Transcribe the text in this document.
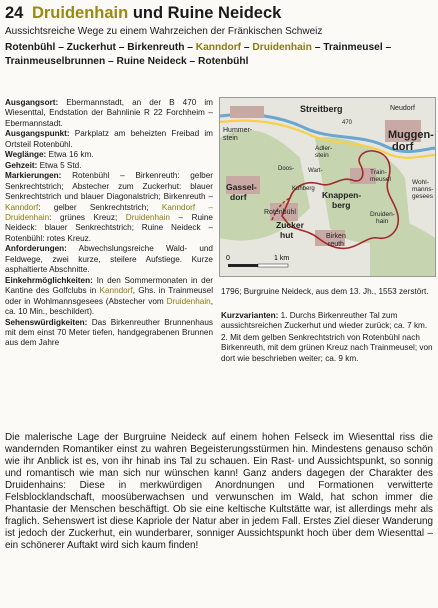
24 Druidenhain und Ruine Neideck
Aussichtsreiche Wege zu einem Wahrzeichen der Fränkischen Schweiz
Rotenbühl – Zuckerhut – Birkenreuth – Kanndorf – Druidenhain – Trainmeusel – Trainmeuselbrunnen – Ruine Neideck – Rotenbühl

Ausgangsort: Ebermannstadt, an der B 470 im Wiesenttal, Endstation der Bahnlinie R 22 Forchheim – Ebermannstadt.

Ausgangspunkt: Parkplatz am beheizten Freibad im Ortsteil Rotenbühl.

Weglänge: Etwa 16 km.

Gehzeit: Etwa 5 Std.

Markierungen: Rotenbühl – Birkenreuth: gelber Senkrechtstrich; Abstecher zum Zuckerhut: blauer Senkrechtstrich und blauer Diagonalstrich; Birkenreuth – Kanndorf: gelber Senkrechtstrich; Kanndorf – Druidenhain: grünes Kreuz; Druidenhain – Ruine Neideck: blauer Senkrechtstrich; Ruine Neideck – Rotenbühl: rotes Kreuz.

Anforderungen: Abwechslungsreiche Wald- und Feldwege, zwei kurze, steilere Aufstiege. Kurze asphaltierte Abschnitte.

Einkehrmöglichkeiten: In den Sommermonaten in der Kantine des Golfclubs in Kanndorf, Ghs. in Trainmeusel oder in Wohlmannsgesees (Abstecher vom Druidenhain, ca. 10 Min., beschildert).

Sehenswürdigkeiten: Das Birkenreuther Brunnenhaus mit dem einst 70 Meter tiefen, handgegrabenen Brunnen aus dem Jahre

Streitberg	Neudorf
Muggen-
dorf
Hummer-
stein
Adler-
stein
Train-
meusel	Wohl-
manns-
gesees
Wart-
Doos-
Gassel-
dorf	Knappen-
berg
Kuhberg
Rotenbühl
Zucker
hut	Birken
reuth
Druiden-
hain
470
0	1 km

1796; Burgruine Neideck, aus dem 13. Jh., 1553 zerstört.

Kurzvarianten: 1. Durchs Birkenreuther Tal zum aussichtsreichen Zuckerhut und wieder zurück; ca. 7 km.

2. Mit dem gelben Senkrechtstrich von Rotenbühl nach Birkenreuth, mit dem grünen Kreuz nach Trainmeusel; von dort wie beschrieben weiter; ca. 9 km.

Die malerische Lage der Burgruine Neideck auf einem hohen Felseck im Wiesenttal riss die wandernden Romantiker einst zu wahren Begeisterungsstürmen hin. Mindestens genauso schön wie ihr Anblick ist es, von ihr hinab ins Tal zu schauen. Ein Rast- und Aussichtspunkt, so sonnig und romantisch wie man sich nur wünschen kann! Ganz anders dagegen der Charakter des Druidenhains: Diese in merkwürdigen Anordnungen und Formationen verwitterte Felsblocklandschaft, moosüberwachsen und verwunschen im Wald, hat schon immer die Phantasie der Menschen beschäftigt. Ob sie eine keltische Kultstätte war, ist allerdings mehr als fraglich. Sehenswert ist diese Kapriole der Natur aber in jedem Fall. Erstes Ziel dieser Wanderung ist jedoch der Zuckerhut, ein wunderbarer, sonniger Aussichtspunkt hoch über dem Wiesenttal – ein schönerer Auftakt wird sich kaum finden!
